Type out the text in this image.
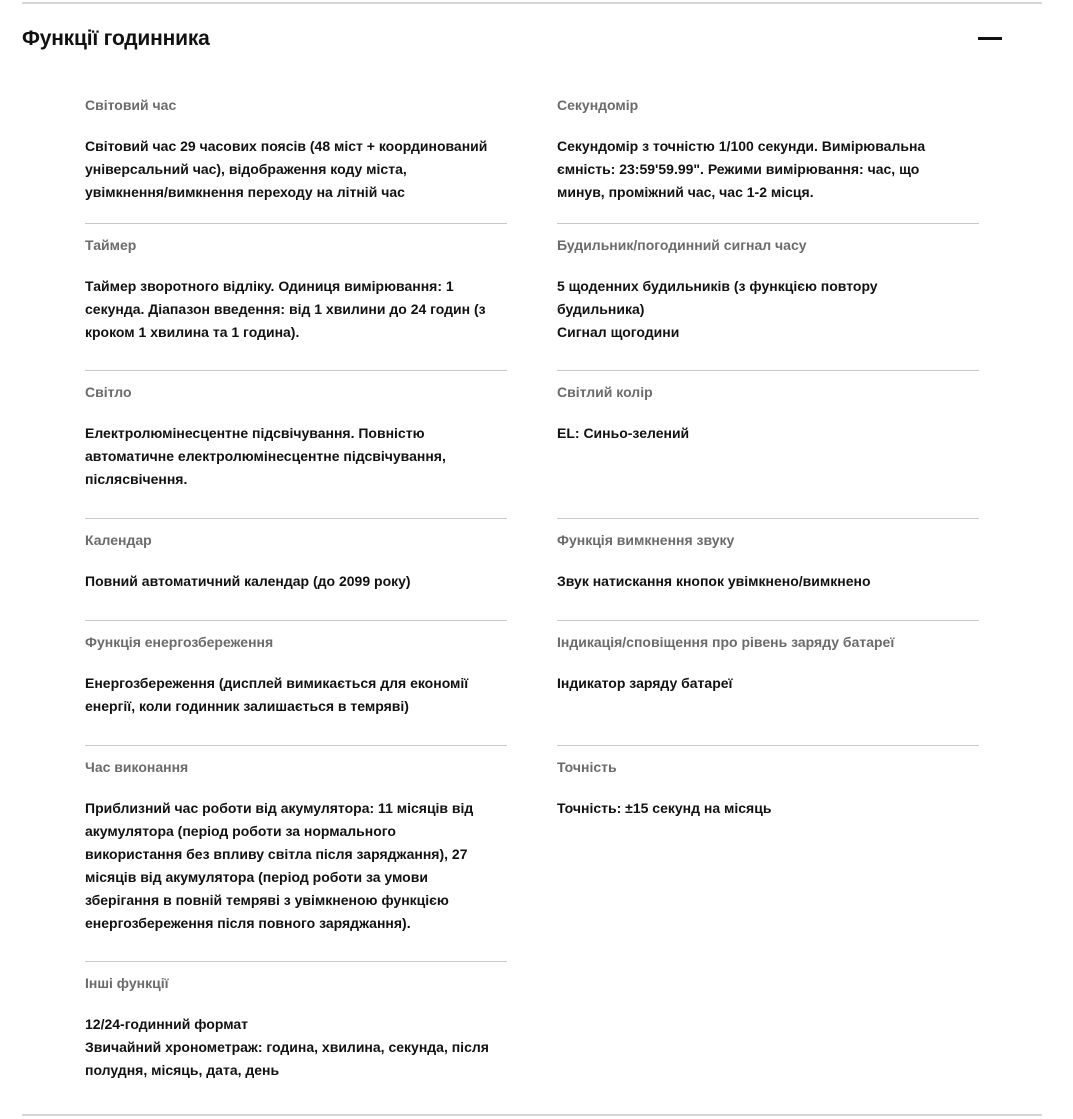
Функції годинника
Світовий час
Світовий час 29 часових поясів (48 міст + координований
універсальний час), відображення коду міста,
увімкнення/вимкнення переходу на літній час
Таймер
Таймер зворотного відліку. Одиниця вимірювання: 1
секунда. Діапазон введення: від 1 хвилини до 24 годин (з
кроком 1 хвилина та 1 година).
Світло
Електролюмінесцентне підсвічування. Повністю
автоматичне електролюмінесцентне підсвічування,
післясвічення.
Календар
Повний автоматичний календар (до 2099 року)
Функція енергозбереження
Енергозбереження (дисплей вимикається для економії
енергії, коли годинник залишається в темряві)
Час виконання
Приблизний час роботи від акумулятора: 11 місяців від
акумулятора (період роботи за нормального
використання без впливу світла після заряджання), 27
місяців від акумулятора (період роботи за умови
зберігання в повній темряві з увімкненою функцією
енергозбереження після повного заряджання).
Інші функції
12/24-годинний формат
Звичайний хронометраж: година, хвилина, секунда, після
полудня, місяць, дата, день
Секундомір
Секундомір з точністю 1/100 секунди. Вимірювальна
ємність: 23:59'59.99". Режими вимірювання: час, що
минув, проміжний час, час 1-2 місця.
Будильник/погодинний сигнал часу
5 щоденних будильників (з функцією повтору
будильника)
Сигнал щогодини
Світлий колір
EL: Синьо-зелений
Функція вимкнення звуку
Звук натискання кнопок увімкнено/вимкнено
Індикація/сповіщення про рівень заряду батареї
Індикатор заряду батареї
Точність
Точність: ±15 секунд на місяць
